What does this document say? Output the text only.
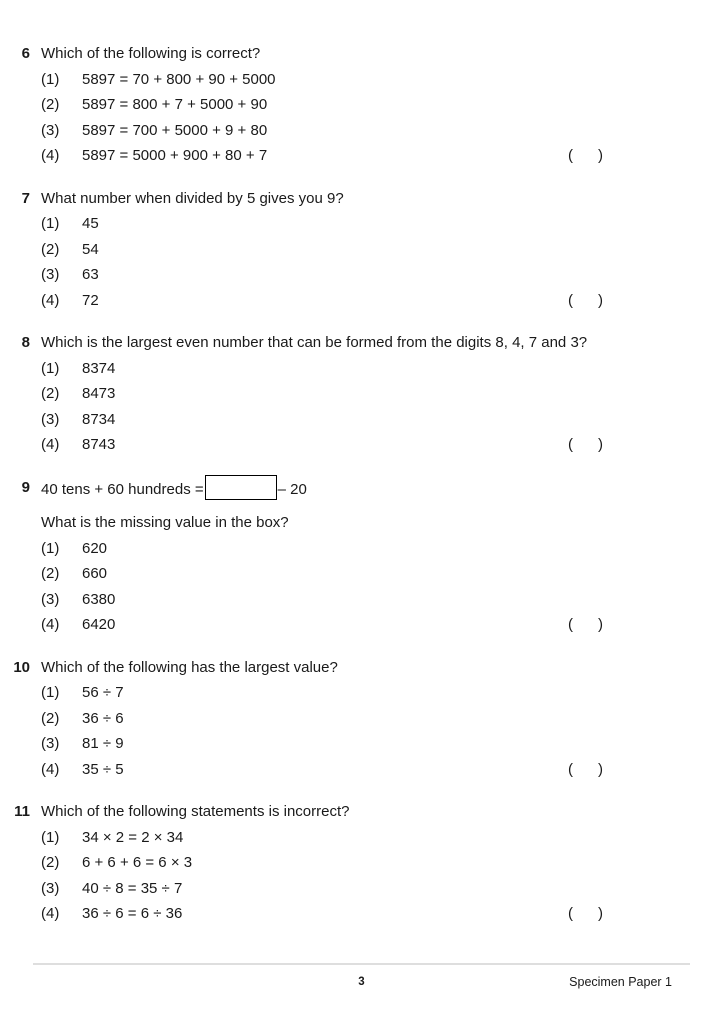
6 Which of the following is correct?
(1)	5897 = 70 + 800 + 90 + 5000
(2)	5897 = 800 + 7 + 5000 + 90
(3)	5897 = 700 + 5000 + 9 + 80
(4)	5897 = 5000 + 900 + 80 + 7	(      )
7 What number when divided by 5 gives you 9?
(1)	45
(2)	54
(3)	63
(4)	72	(      )
8 Which is the largest even number that can be formed from the digits 8, 4, 7 and 3?
(1)	8374
(2)	8473
(3)	8734
(4)	8743	(      )
9 40 tens + 60 hundreds =	– 20
What is the missing value in the box?
(1)	620
(2)	660
(3)	6380
(4)	6420	(      )
10 Which of the following has the largest value?
(1)	56 ÷ 7
(2)	36 ÷ 6
(3)	81 ÷ 9
(4)	35 ÷ 5	(      )
11 Which of the following statements is incorrect?
(1)	34 × 2 = 2 × 34
(2)	6 + 6 + 6 = 6 × 3
(3)	40 ÷ 8 = 35 ÷ 7
(4)	36 ÷ 6 = 6 ÷ 36	(      )
3	Specimen Paper 1
